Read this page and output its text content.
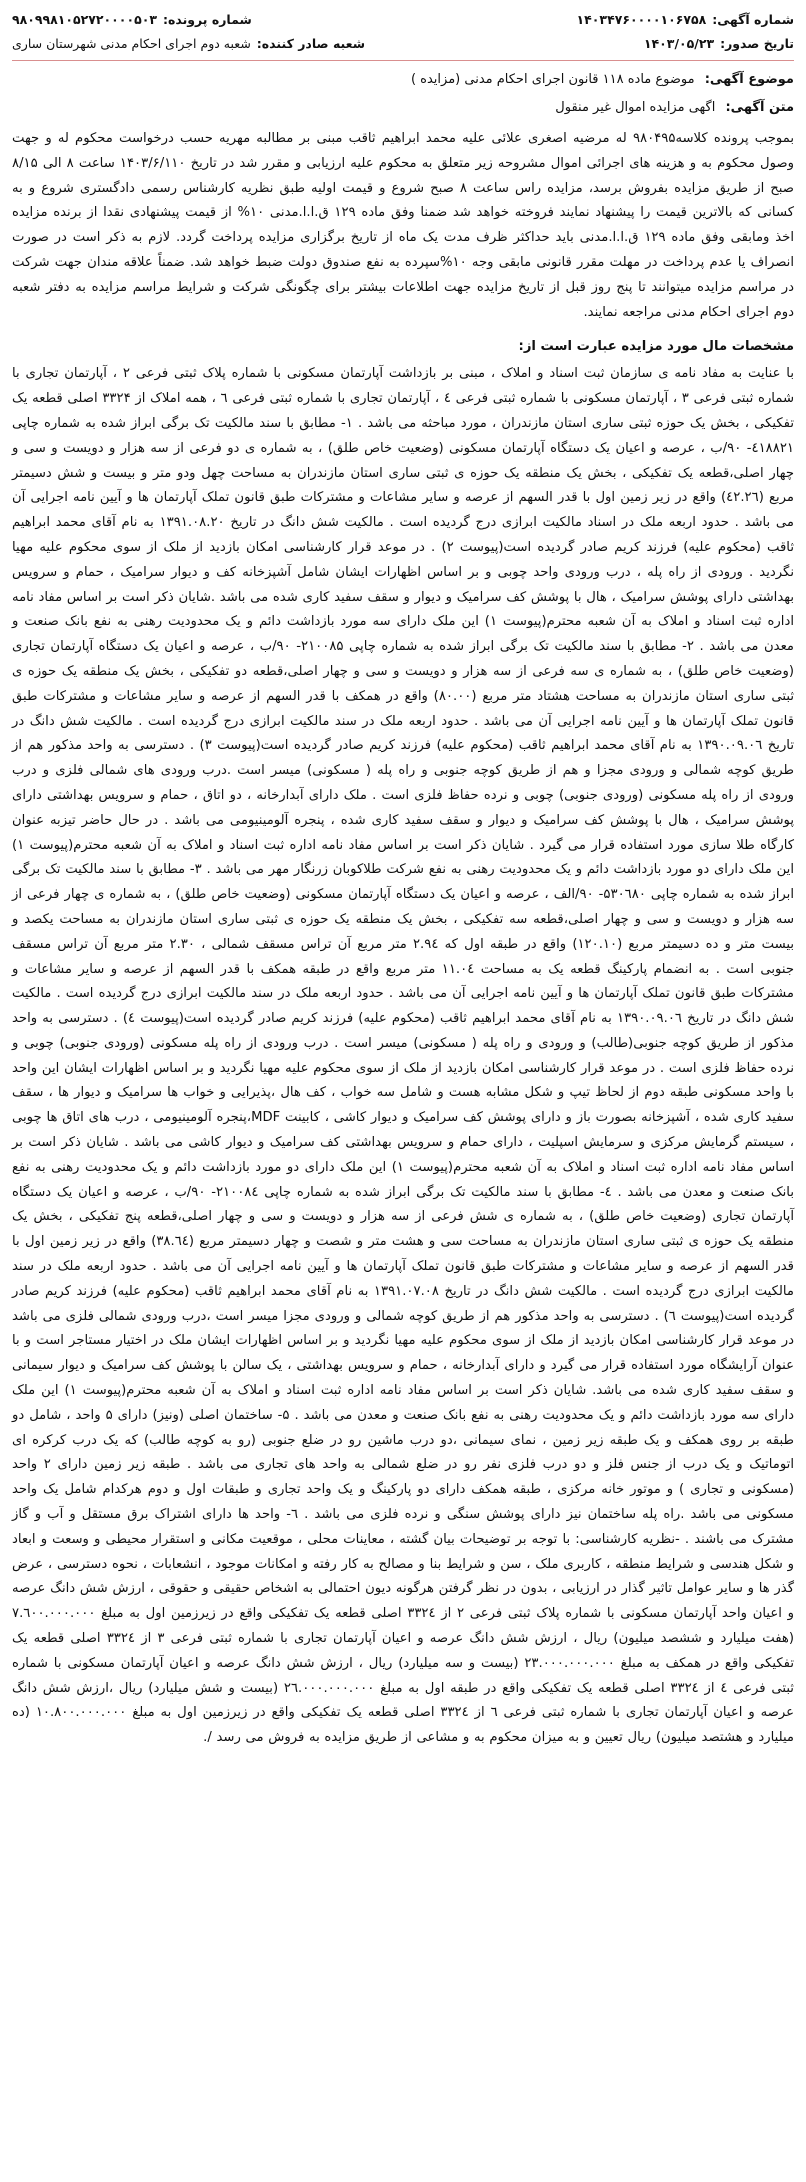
شماره آگهی:
۱۴۰۳۴۷۶۰۰۰۰۱۰۶۷۵۸
شماره پرونده:
۹۸۰۹۹۸۱۰۵۲۷۲۰۰۰۰۵۰۳
تاریخ صدور:
۱۴۰۳/۰۵/۲۳
شعبه صادر کننده:
شعبه دوم اجرای احکام مدنی شهرستان ساری
موضوع آگهی: موضوع ماده ۱۱۸ قانون اجرای احکام مدنی (مزایده )
متن آگهی: اگهی مزایده اموال غیر منقول

بموجب پرونده کلاسه۹۸۰۴۹۵ له مرضیه اصغری علائی علیه محمد ابراهیم ثاقب مبنی بر مطالبه مهریه حسب درخواست محکوم له و جهت وصول محکوم به و هزینه های اجرائی اموال مشروحه زیر متعلق به محکوم علیه ارزیابی و مقرر شد در تاریخ ۱۴۰۳/۶/۱۱۰ ساعت ۸ الی ۸/۱۵ صبح از طریق مزایده بفروش برسد، مزایده راس ساعت ۸ صبح شروع و قیمت اولیه طبق نظریه کارشناس رسمی دادگستری شروع و به کسانی که بالاترین قیمت را پیشنهاد نمایند فروخته خواهد شد ضمنا وفق ماده ۱۲۹ ق.ا.ا.مدنی ۱۰% از قیمت پیشنهادی نقدا از برنده مزایده اخذ ومابقی وفق ماده ۱۲۹ ق.ا.ا.مدنی باید حداکثر ظرف مدت یک ماه از تاریخ برگزاری مزایده پرداخت گردد. لازم به ذکر است در صورت انصراف یا عدم پرداخت در مهلت مقرر قانونی مابقی وجه ۱۰%سپرده به نفع صندوق دولت ضبط خواهد شد. ضمناً علاقه مندان جهت شرکت در مراسم مزایده میتوانند تا پنج روز قبل از تاریخ مزایده جهت اطلاعات بیشتر برای چگونگی شرکت و شرایط مراسم مزایده به دفتر شعبه دوم اجرای احکام مدنی مراجعه نمایند.

مشخصات مال مورد مزایده عبارت است از:

با عنایت به مفاد نامه ی سازمان ثبت اسناد و املاک ، مبنی بر بازداشت آپارتمان مسکونی با شماره پلاک ثبتی فرعی ۲ ، آپارتمان تجاری با شماره ثبتی فرعی ۳ ، آپارتمان مسکونی با شماره ثبتی فرعی ٤ ، آپارتمان تجاری با شماره ثبتی فرعی ٦ ، همه املاک از ۳۳۲۴ اصلی قطعه یک تفکیکی ، بخش یک حوزه ثبتی ساری استان مازندران ، مورد مباحثه می باشد . ۱- مطابق با سند مالکیت تک برگی ابراز شده به شماره چاپی ٤۱۸۸۲۱- ۹۰/ب ، عرصه و اعیان یک دستگاه آپارتمان مسکونی (وضعیت خاص طلق) ، به شماره ی دو فرعی از سه هزار و دویست و سی و چهار اصلی،قطعه یک تفکیکی ، بخش یک منطقه یک حوزه ی ثبتی ساری استان مازندران به مساحت چهل ودو متر و بیست و شش دسیمتر مربع (٤۲.۲٦) واقع در زیر زمین اول با قدر السهم از عرصه و سایر مشاعات و مشترکات طبق قانون تملک آپارتمان ها و آیین نامه اجرایی آن می باشد . حدود اربعه ملک در اسناد مالکیت ابرازی درج گردیده است . مالکیت شش دانگ در تاریخ ۱۳۹۱.۰۸.۲۰ به نام آقای محمد ابراهیم ثاقب (محکوم علیه) فرزند کریم صادر گردیده است(پیوست ۲) . در موعد قرار کارشناسی امکان بازدید از ملک از سوی محکوم علیه مهیا نگردید . ورودی از راه پله ، درب ورودی واحد چوبی و بر اساس اظهارات ایشان شامل آشپزخانه کف و دیوار سرامیک ، حمام و سرویس بهداشتی دارای پوشش سرامیک ، هال با پوشش کف سرامیک و دیوار و سقف سفید کاری شده می باشد .شایان ذکر است بر اساس مفاد نامه اداره ثبت اسناد و املاک به آن شعبه محترم(پیوست ۱) این ملک دارای سه مورد بازداشت دائم و یک محدودیت رهنی به نفع بانک صنعت و معدن می باشد . ۲- مطابق با سند مالکیت تک برگی ابراز شده به شماره چاپی ۲۱۰۰۸۵- ۹۰/ب ، عرصه و اعیان یک دستگاه آپارتمان تجاری (وضعیت خاص طلق) ، به شماره ی سه فرعی از سه هزار و دویست و سی و چهار اصلی،قطعه دو تفکیکی ، بخش یک منطقه یک حوزه ی ثبتی ساری استان مازندران به مساحت هشتاد متر مربع (۸۰.۰۰) واقع در همکف با قدر السهم از عرصه و سایر مشاعات و مشترکات طبق قانون تملک آپارتمان ها و آیین نامه اجرایی آن می باشد . حدود اربعه ملک در سند مالکیت ابرازی درج گردیده است . مالکیت شش دانگ در تاریخ ۱۳۹۰.۰۹.۰٦ به نام آقای محمد ابراهیم ثاقب (محکوم علیه) فرزند کریم صادر گردیده است(پیوست ۳) . دسترسی به واحد مذکور هم از طریق کوچه شمالی و ورودی مجزا و هم از طریق کوچه جنوبی و راه پله ( مسکونی) میسر است .درب ورودی های شمالی فلزی و درب ورودی از راه پله مسکونی (ورودی جنوبی) چوبی و نرده حفاظ فلزی است . ملک دارای آبدارخانه ، دو اتاق ، حمام و سرویس بهداشتی دارای پوشش سرامیک ، هال با پوشش کف سرامیک و دیوار و سقف سفید کاری شده ، پنجره آلومینیومی می باشد . در حال حاضر تیزبه عنوان کارگاه طلا سازی مورد استفاده قرار می گیرد . شایان ذکر است بر اساس مفاد نامه اداره ثبت اسناد و املاک به آن شعبه محترم(پیوست ۱) این ملک دارای دو مورد بازداشت دائم و یک محدودیت رهنی به نفع شرکت طلاکوبان زرنگار مهر می باشد . ۳- مطابق با سند مالکیت تک برگی ابراز شده به شماره چاپی ۵۳۰٦۸۰- ۹۰/الف ، عرصه و اعیان یک دستگاه آپارتمان مسکونی (وضعیت خاص طلق) ، به شماره ی چهار فرعی از سه هزار و دویست و سی و چهار اصلی،قطعه سه تفکیکی ، بخش یک منطقه یک حوزه ی ثبتی ساری استان مازندران به مساحت یکصد و بیست متر و ده دسیمتر مربع (۱۲۰.۱۰) واقع در طبقه اول که ۲.۹٤ متر مربع آن تراس مسقف شمالی ، ۲.۳۰ متر مربع آن تراس مسقف جنوبی است . به انضمام پارکینگ قطعه یک به مساحت ۱۱.۰٤ متر مربع واقع در طبقه همکف با قدر السهم از عرصه و سایر مشاعات و مشترکات طبق قانون تملک آپارتمان ها و آیین نامه اجرایی آن می باشد . حدود اربعه ملک در سند مالکیت ابرازی درج گردیده است . مالکیت شش دانگ در تاریخ ۱۳۹۰.۰۹.۰٦ به نام آقای محمد ابراهیم ثاقب (محکوم علیه) فرزند کریم صادر گردیده است(پیوست ٤) . دسترسی به واحد مذکور از طریق کوچه جنوبی(طالب) و ورودی و راه پله ( مسکونی) میسر است . درب ورودی از راه پله مسکونی (ورودی جنوبی) چوبی و نرده حفاظ فلزی است . در موعد قرار کارشناسی امکان بازدید از ملک از سوی محکوم علیه مهیا نگردید و بر اساس اظهارات ایشان این واحد با واحد مسکونی طبقه دوم از لحاظ تیپ و شکل مشابه هست و شامل سه خواب ، کف هال ،پذیرایی و خواب ها سرامیک و دیوار ها ، سقف سفید کاری شده ، آشپزخانه بصورت باز و دارای پوشش کف سرامیک و دیوار کاشی ، کابینت MDF،پنجره آلومینیومی ، درب های اتاق ها چوبی ، سیستم گرمایش مرکزی و سرمایش اسپلیت ، دارای حمام و سرویس بهداشتی کف سرامیک و دیوار کاشی می باشد . شایان ذکر است بر اساس مفاد نامه اداره ثبت اسناد و املاک به آن شعبه محترم(پیوست ۱) این ملک دارای دو مورد بازداشت دائم و یک محدودیت رهنی به نفع بانک صنعت و معدن می باشد . ٤- مطابق با سند مالکیت تک برگی ابراز شده به شماره چاپی ۲۱۰۰۸٤- ۹۰/ب ، عرصه و اعیان یک دستگاه آپارتمان تجاری (وضعیت خاص طلق) ، به شماره ی شش فرعی از سه هزار و دویست و سی و چهار اصلی،قطعه پنج تفکیکی ، بخش یک منطقه یک حوزه ی ثبتی ساری استان مازندران به مساحت سی و هشت متر و شصت و چهار دسیمتر مربع (۳۸.٦٤) واقع در زیر زمین اول با قدر السهم از عرصه و سایر مشاعات و مشترکات طبق قانون تملک آپارتمان ها و آیین نامه اجرایی آن می باشد . حدود اربعه ملک در سند مالکیت ابرازی درج گردیده است . مالکیت شش دانگ در تاریخ ۱۳۹۱.۰۷.۰۸ به نام آقای محمد ابراهیم ثاقب (محکوم علیه) فرزند کریم صادر گردیده است(پیوست ٦) . دسترسی به واحد مذکور هم از طریق کوچه شمالی و ورودی مجزا میسر است ،درب ورودی شمالی فلزی می باشد در موعد قرار کارشناسی امکان بازدید از ملک از سوی محکوم علیه مهیا نگردید و بر اساس اظهارات ایشان ملک در اختیار مستاجر است و با عنوان آرایشگاه مورد استفاده قرار می گیرد و دارای آبدارخانه ، حمام و سرویس بهداشتی ، یک سالن با پوشش کف سرامیک و دیوار سیمانی و سقف سفید کاری شده می باشد. شایان ذکر است بر اساس مفاد نامه اداره ثبت اسناد و املاک به آن شعبه محترم(پیوست ۱) این ملک دارای سه مورد بازداشت دائم و یک محدودیت رهنی به نفع بانک صنعت و معدن می باشد . ۵- ساختمان اصلی (ونیز) دارای ۵ واحد ، شامل دو طبقه بر روی همکف و یک طبقه زیر زمین ، نمای سیمانی ،دو درب ماشین رو در ضلع جنوبی (رو به کوچه طالب) که یک درب کرکره ای اتوماتیک و یک درب از جنس فلز و دو درب فلزی نفر رو در ضلع شمالی به واحد های تجاری می باشد . طبقه زیر زمین دارای ۲ واحد (مسکونی و تجاری ) و موتور خانه مرکزی ، طبقه همکف دارای دو پارکینگ و یک واحد تجاری و طبقات اول و دوم هرکدام شامل یک واحد مسکونی می باشد .راه پله ساختمان نیز دارای پوشش سنگی و نرده فلزی می باشد . ٦- واحد ها دارای اشتراک برق مستقل و آب و گاز مشترک می باشند . -نظریه کارشناسی: با توجه بر توضیحات بیان گشته ، معاینات محلی ، موقعیت مکانی و استقرار محیطی و وسعت و ابعاد و شکل هندسی و شرایط منطقه ، کاربری ملک ، سن و شرایط بنا و مصالح به کار رفته و امکانات موجود ، انشعابات ، نحوه دسترسی ، عرض گذر ها و سایر عوامل تاثیر گذار در ارزیابی ، بدون در نظر گرفتن هرگونه دیون احتمالی به اشخاص حقیقی و حقوقی ، ارزش شش دانگ عرصه و اعیان واحد آپارتمان مسکونی با شماره پلاک ثبتی فرعی ۲ از ۳۳۲٤ اصلی قطعه یک تفکیکی واقع در زیرزمین اول به مبلغ ۷.٦۰۰.۰۰۰.۰۰۰ (هفت میلیارد و ششصد میلیون) ریال ، ارزش شش دانگ عرصه و اعیان آپارتمان تجاری با شماره ثبتی فرعی ۳ از ۳۳۲٤ اصلی قطعه یک تفکیکی واقع در همکف به مبلغ ۲۳.۰۰۰.۰۰۰.۰۰۰ (بیست و سه میلیارد) ریال ، ارزش شش دانگ عرصه و اعیان آپارتمان مسکونی با شماره ثبتی فرعی ٤ از ۳۳۲٤ اصلی قطعه یک تفکیکی واقع در طبقه اول به مبلغ ۲٦.۰۰۰.۰۰۰.۰۰۰ (بیست و شش میلیارد) ریال ،ارزش شش دانگ عرصه و اعیان آپارتمان تجاری با شماره ثبتی فرعی ٦ از ۳۳۲٤ اصلی قطعه یک تفکیکی واقع در زیرزمین اول به مبلغ ۱۰.۸۰۰.۰۰۰.۰۰۰ (ده میلیارد و هشتصد میلیون) ریال تعیین و به میزان محکوم به و مشاعی از طریق مزایده به فروش می رسد /.
